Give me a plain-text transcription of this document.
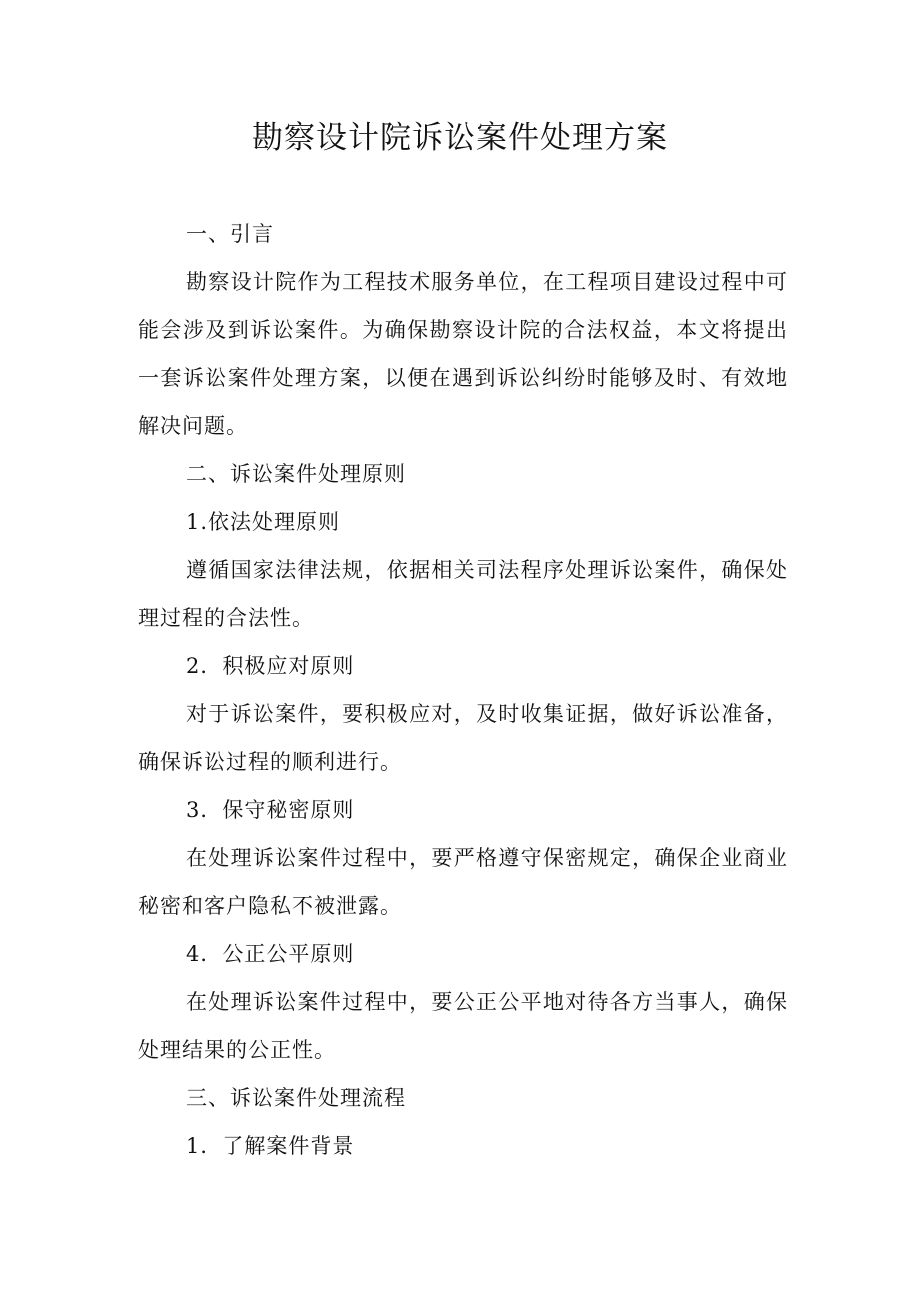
勘察设计院诉讼案件处理方案
一、引言

勘察设计院作为工程技术服务单位，在工程项目建设过程中可能会涉及到诉讼案件。为确保勘察设计院的合法权益，本文将提出一套诉讼案件处理方案，以便在遇到诉讼纠纷时能够及时、有效地解决问题。

二、诉讼案件处理原则
1.依法处理原则

遵循国家法律法规，依据相关司法程序处理诉讼案件，确保处理过程的合法性。

2．积极应对原则

对于诉讼案件，要积极应对，及时收集证据，做好诉讼准备，确保诉讼过程的顺利进行。

3．保守秘密原则

在处理诉讼案件过程中，要严格遵守保密规定，确保企业商业秘密和客户隐私不被泄露。

4．公正公平原则

在处理诉讼案件过程中，要公正公平地对待各方当事人，确保处理结果的公正性。

三、诉讼案件处理流程
1．了解案件背景
